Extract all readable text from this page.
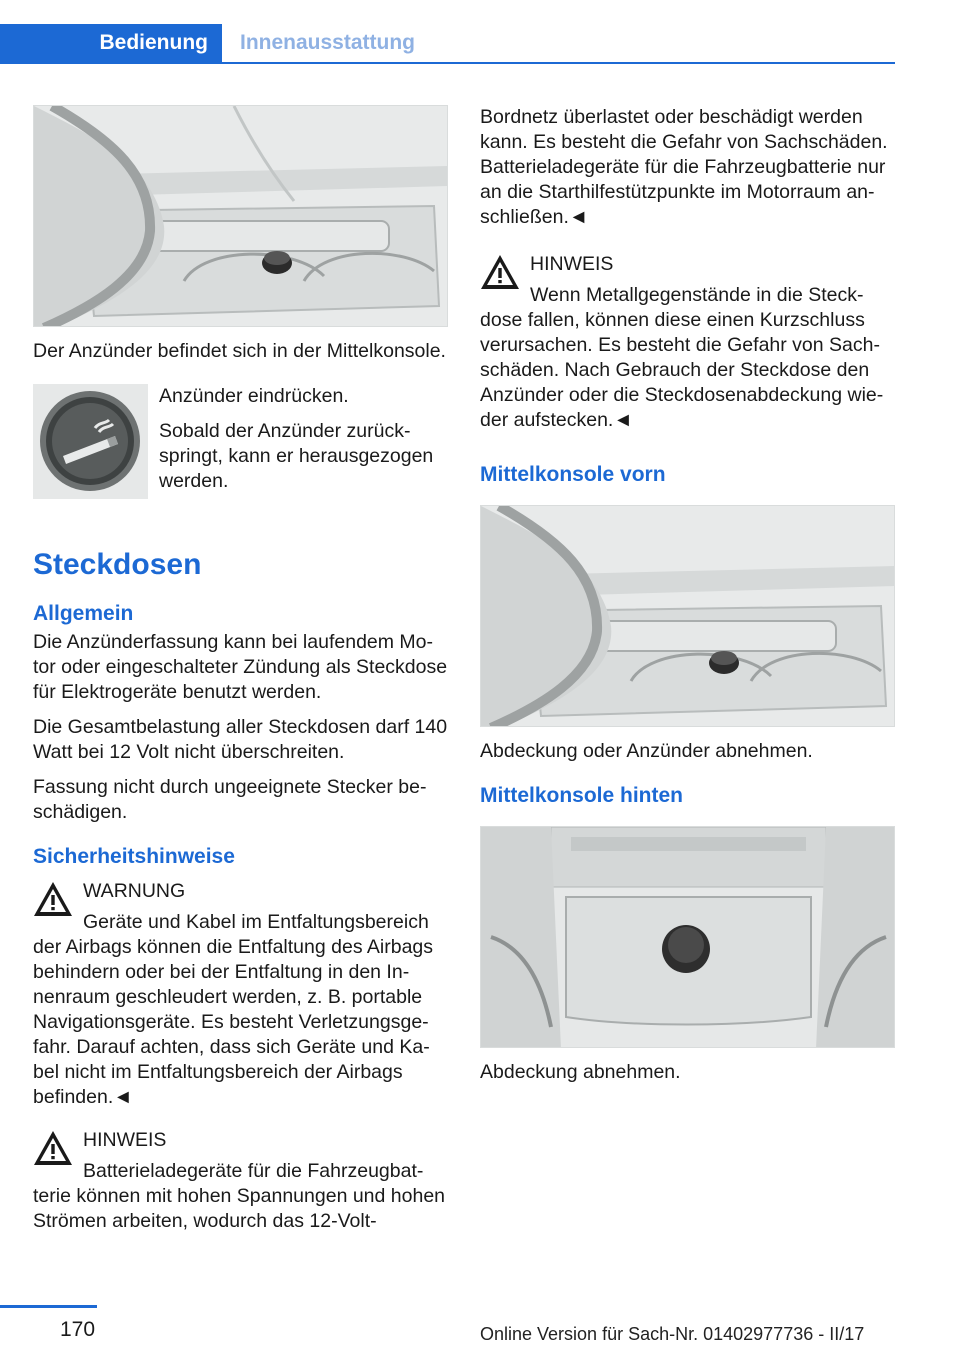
Bedienung	Innenausstattung

Der Anzünder befindet sich in der Mittelkonsole.

Anzünder eindrücken.

Sobald der Anzünder zurückspringt, kann er herausgezogen werden.

Steckdosen
Allgemein

Die Anzünderfassung kann bei laufendem Motor oder eingeschalteter Zündung als Steckdose für Elektrogeräte benutzt werden.

Die Gesamtbelastung aller Steckdosen darf 140 Watt bei 12 Volt nicht überschreiten.

Fassung nicht durch ungeeignete Stecker beschädigen.

Sicherheitshinweise
WARNUNG

Geräte und Kabel im Entfaltungsbereich der Airbags können die Entfaltung des Airbags behindern oder bei der Entfaltung in den Innenraum geschleudert werden, z. B. portable Navigationsgeräte. Es besteht Verletzungsgefahr. Darauf achten, dass sich Geräte und Kabel nicht im Entfaltungsbereich der Airbags befinden.◄

HINWEIS

Batterieladegeräte für die Fahrzeugbatterie können mit hohen Spannungen und hohen Strömen arbeiten, wodurch das 12-Volt-

Bordnetz überlastet oder beschädigt werden kann. Es besteht die Gefahr von Sachschäden. Batterieladegeräte für die Fahrzeugbatterie nur an die Starthilfestützpunkte im Motorraum anschließen.◄

HINWEIS

Wenn Metallgegenstände in die Steckdose fallen, können diese einen Kurzschluss verursachen. Es besteht die Gefahr von Sachschäden. Nach Gebrauch der Steckdose den Anzünder oder die Steckdosenabdeckung wieder aufstecken.◄

Mittelkonsole vorn

Abdeckung oder Anzünder abnehmen.

Mittelkonsole hinten

Abdeckung abnehmen.

170	Online Version für Sach-Nr. 01402977736 - II/17
